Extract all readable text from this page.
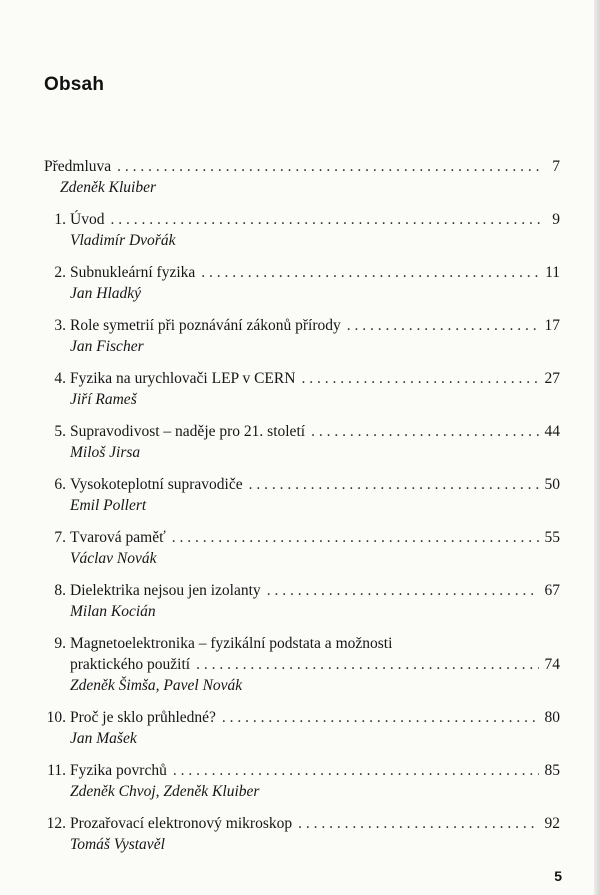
Obsah
Předmluva . . .	7
Zdeněk Kluiber
1. Úvod . . .	9
Vladimír Dvořák
2. Subnukleární fyzika . . .	11
Jan Hladký
3. Role symetrií při poznávání zákonů přírody . . .	17
Jan Fischer
4. Fyzika na urychlovači LEP v CERN . . .	27
Jiří Rameš
5. Supravodivost – naděje pro 21. století . . .	44
Miloš Jirsa
6. Vysokoteplotní supravodiče . . .	50
Emil Pollert
7. Tvarová paměť . . .	55
Václav Novák
8. Dielektrika nejsou jen izolanty . . .	67
Milan Kocián
9. Magnetoelektronika – fyzikální podstata a možnosti
praktického použití . . .	74
Zdeněk Šimša, Pavel Novák
10. Proč je sklo průhledné? . . .	80
Jan Mašek
11. Fyzika povrchů . . .	85
Zdeněk Chvoj, Zdeněk Kluiber
12. Prozařovací elektronový mikroskop . . .	92
Tomáš Vystavěl
5
